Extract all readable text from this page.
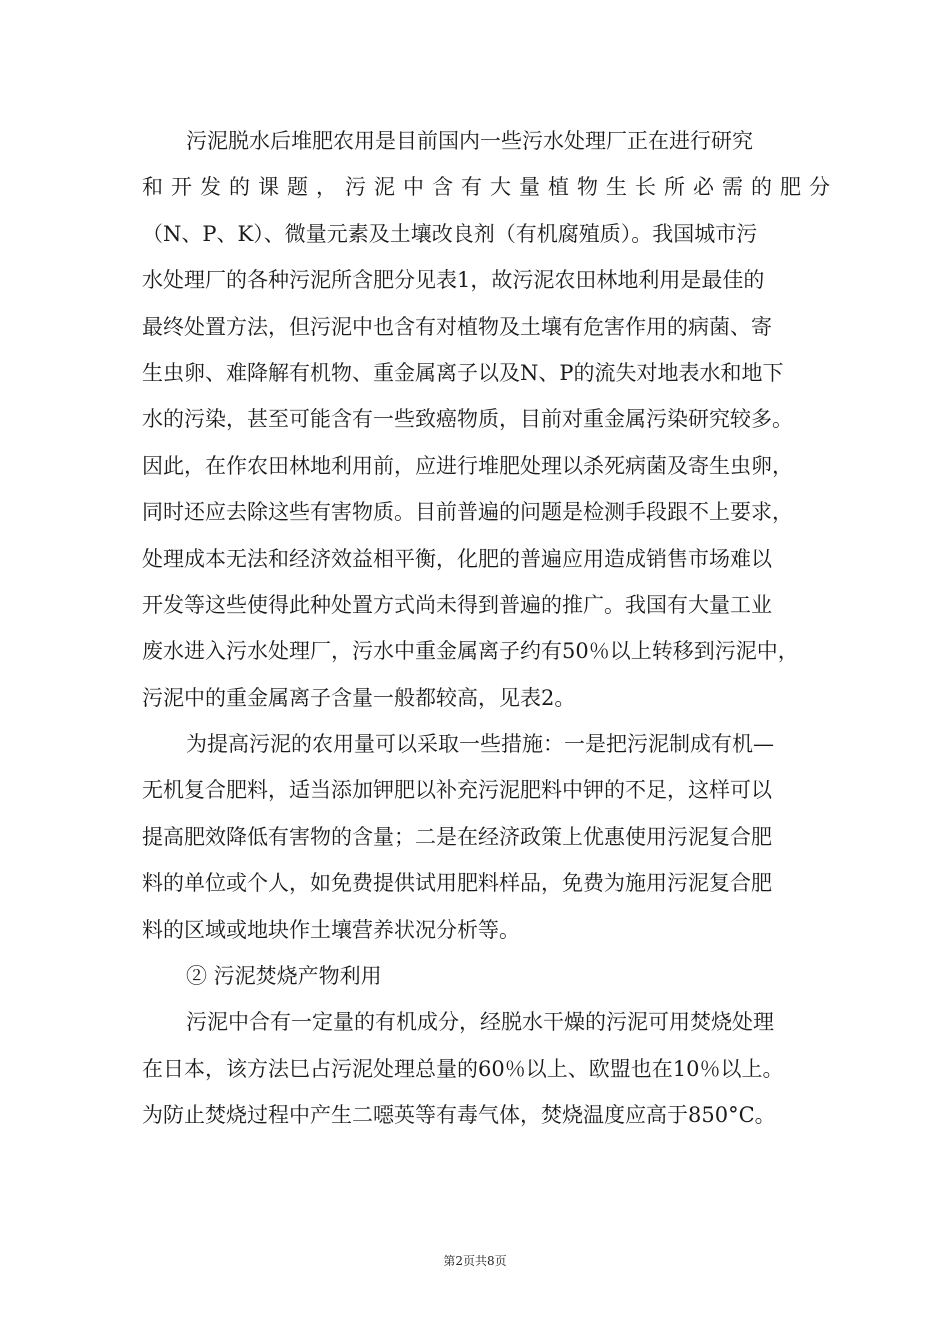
污泥脱水后堆肥农用是目前国内一些污水处理厂正在进行研究
和开发的课题，污泥中含有大量植物生长所必需的肥分
（N、P、K）、微量元素及土壤改良剂（有机腐殖质）。我国城市污
水处理厂的各种污泥所含肥分见表1，故污泥农田林地利用是最佳的
最终处置方法，但污泥中也含有对植物及土壤有危害作用的病菌、寄
生虫卵、难降解有机物、重金属离子以及N、P的流失对地表水和地下
水的污染，甚至可能含有一些致癌物质，目前对重金属污染研究较多。
因此，在作农田林地利用前，应进行堆肥处理以杀死病菌及寄生虫卵，
同时还应去除这些有害物质。目前普遍的问题是检测手段跟不上要求，
处理成本无法和经济效益相平衡，化肥的普遍应用造成销售市场难以
开发等这些使得此种处置方式尚未得到普遍的推广。我国有大量工业
废水进入污水处理厂，污水中重金属离子约有50％以上转移到污泥中，
污泥中的重金属离子含量一般都较高，见表2。
为提高污泥的农用量可以采取一些措施：一是把污泥制成有机—
无机复合肥料，适当添加钾肥以补充污泥肥料中钾的不足，这样可以
提高肥效降低有害物的含量；二是在经济政策上优惠使用污泥复合肥
料的单位或个人，如免费提供试用肥料样品，免费为施用污泥复合肥
料的区域或地块作土壤营养状况分析等。
② 污泥焚烧产物利用
污泥中合有一定量的有机成分，经脱水干燥的污泥可用焚烧处理
在日本，该方法巳占污泥处理总量的60％以上、欧盟也在10％以上。
为防止焚烧过程中产生二噁英等有毒气体，焚烧温度应高于850°C。
第2页共8页
